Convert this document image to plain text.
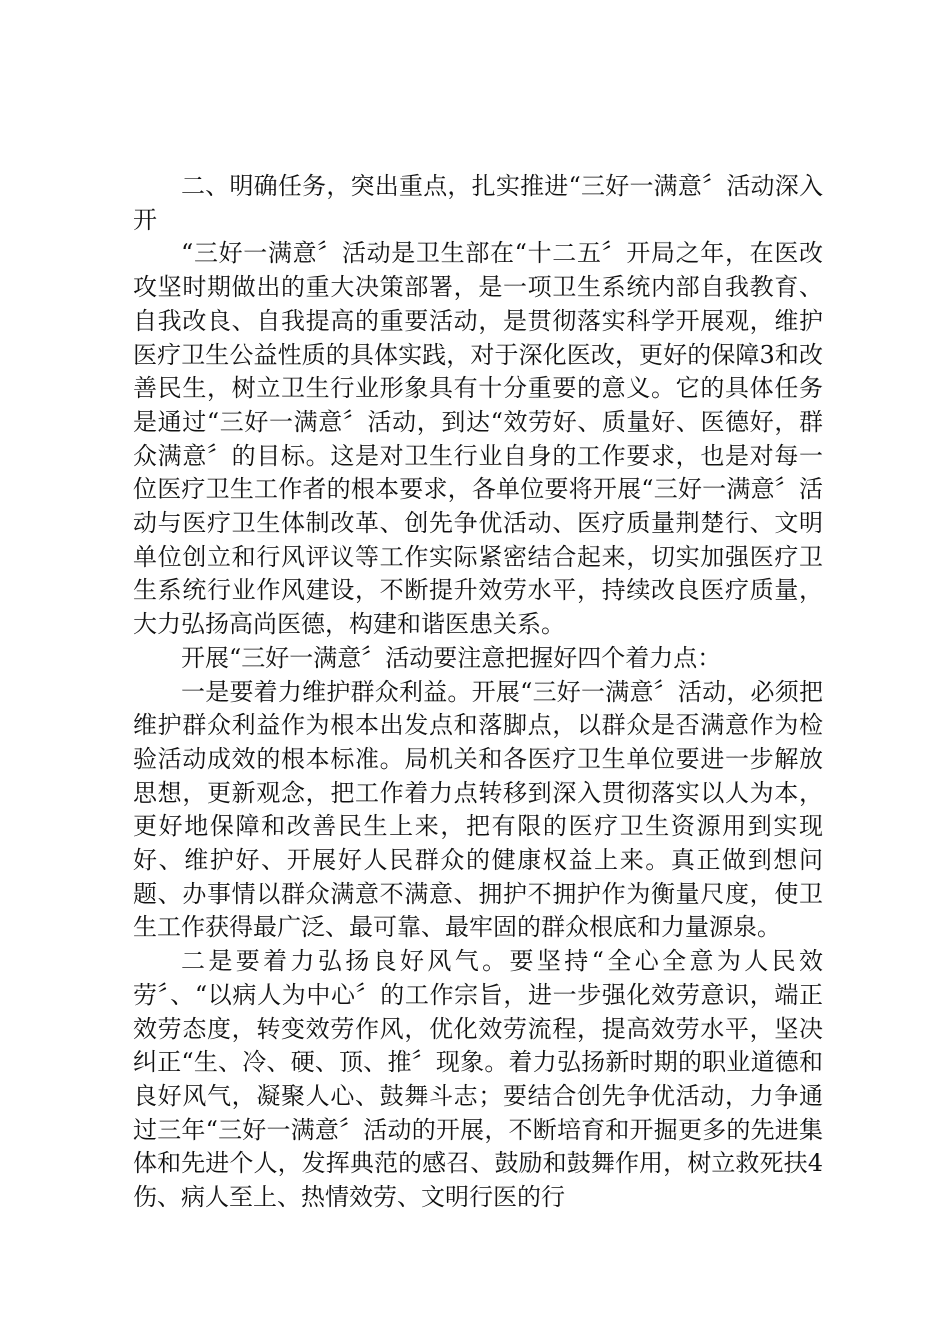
二、明确任务，突出重点，扎实推进“三好一满意〞活动深入开

“三好一满意〞活动是卫生部在“十二五〞开局之年，在医改攻坚时期做出的重大决策部署，是一项卫生系统内部自我教育、自我改良、自我提高的重要活动，是贯彻落实科学开展观，维护医疗卫生公益性质的具体实践，对于深化医改，更好的保障3和改善民生，树立卫生行业形象具有十分重要的意义。它的具体任务是通过“三好一满意〞活动，到达“效劳好、质量好、医德好，群众满意〞的目标。这是对卫生行业自身的工作要求，也是对每一位医疗卫生工作者的根本要求，各单位要将开展“三好一满意〞活动与医疗卫生体制改革、创先争优活动、医疗质量荆楚行、文明单位创立和行风评议等工作实际紧密结合起来，切实加强医疗卫生系统行业作风建设，不断提升效劳水平，持续改良医疗质量，大力弘扬高尚医德，构建和谐医患关系。

开展“三好一满意〞活动要注意把握好四个着力点：

一是要着力维护群众利益。开展“三好一满意〞活动，必须把维护群众利益作为根本出发点和落脚点，以群众是否满意作为检验活动成效的根本标准。局机关和各医疗卫生单位要进一步解放思想，更新观念，把工作着力点转移到深入贯彻落实以人为本，更好地保障和改善民生上来，把有限的医疗卫生资源用到实现好、维护好、开展好人民群众的健康权益上来。真正做到想问题、办事情以群众满意不满意、拥护不拥护作为衡量尺度，使卫生工作获得最广泛、最可靠、最牢固的群众根底和力量源泉。

二是要着力弘扬良好风气。要坚持“全心全意为人民效劳〞、“以病人为中心〞的工作宗旨，进一步强化效劳意识，端正效劳态度，转变效劳作风，优化效劳流程，提高效劳水平，坚决纠正“生、冷、硬、顶、推〞现象。着力弘扬新时期的职业道德和良好风气，凝聚人心、鼓舞斗志；要结合创先争优活动，力争通过三年“三好一满意〞活动的开展，不断培育和开掘更多的先进集体和先进个人，发挥典范的感召、鼓励和鼓舞作用，树立救死扶4伤、病人至上、热情效劳、文明行医的行
